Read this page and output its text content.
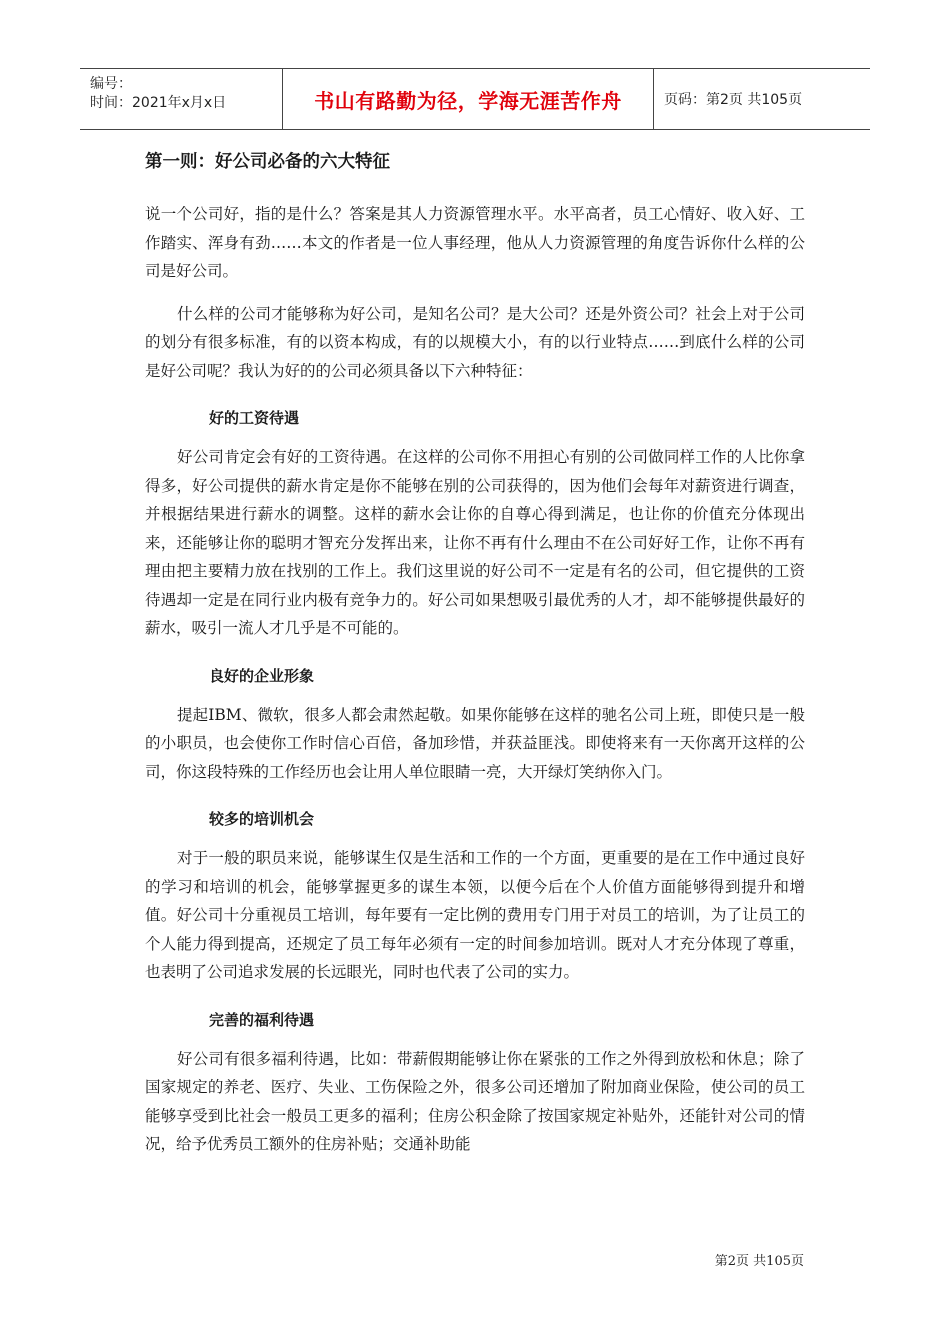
编号：
时间：2021年x月x日	书山有路勤为径，学海无涯苦作舟	页码：第2页 共105页
第一则：好公司必备的六大特征

说一个公司好，指的是什么？答案是其人力资源管理水平。水平高者，员工心情好、收入好、工作踏实、浑身有劲……本文的作者是一位人事经理，他从人力资源管理的角度告诉你什么样的公司是好公司。

什么样的公司才能够称为好公司，是知名公司？是大公司？还是外资公司？社会上对于公司的划分有很多标准，有的以资本构成，有的以规模大小，有的以行业特点……到底什么样的公司是好公司呢？我认为好的的公司必须具备以下六种特征：

好的工资待遇

好公司肯定会有好的工资待遇。在这样的公司你不用担心有别的公司做同样工作的人比你拿得多，好公司提供的薪水肯定是你不能够在别的公司获得的，因为他们会每年对薪资进行调查，并根据结果进行薪水的调整。这样的薪水会让你的自尊心得到满足，也让你的价值充分体现出来，还能够让你的聪明才智充分发挥出来，让你不再有什么理由不在公司好好工作，让你不再有理由把主要精力放在找别的工作上。我们这里说的好公司不一定是有名的公司，但它提供的工资待遇却一定是在同行业内极有竞争力的。好公司如果想吸引最优秀的人才，却不能够提供最好的薪水，吸引一流人才几乎是不可能的。

良好的企业形象

提起IBM、微软，很多人都会肃然起敬。如果你能够在这样的驰名公司上班，即使只是一般的小职员，也会使你工作时信心百倍，备加珍惜，并获益匪浅。即使将来有一天你离开这样的公司，你这段特殊的工作经历也会让用人单位眼睛一亮，大开绿灯笑纳你入门。

较多的培训机会

对于一般的职员来说，能够谋生仅是生活和工作的一个方面，更重要的是在工作中通过良好的学习和培训的机会，能够掌握更多的谋生本领，以便今后在个人价值方面能够得到提升和增值。好公司十分重视员工培训，每年要有一定比例的费用专门用于对员工的培训，为了让员工的个人能力得到提高，还规定了员工每年必须有一定的时间参加培训。既对人才充分体现了尊重，也表明了公司追求发展的长远眼光，同时也代表了公司的实力。

完善的福利待遇

好公司有很多福利待遇，比如：带薪假期能够让你在紧张的工作之外得到放松和休息；除了国家规定的养老、医疗、失业、工伤保险之外，很多公司还增加了附加商业保险，使公司的员工能够享受到比社会一般员工更多的福利；住房公积金除了按国家规定补贴外，还能针对公司的情况，给予优秀员工额外的住房补贴；交通补助能

第2页 共105页
